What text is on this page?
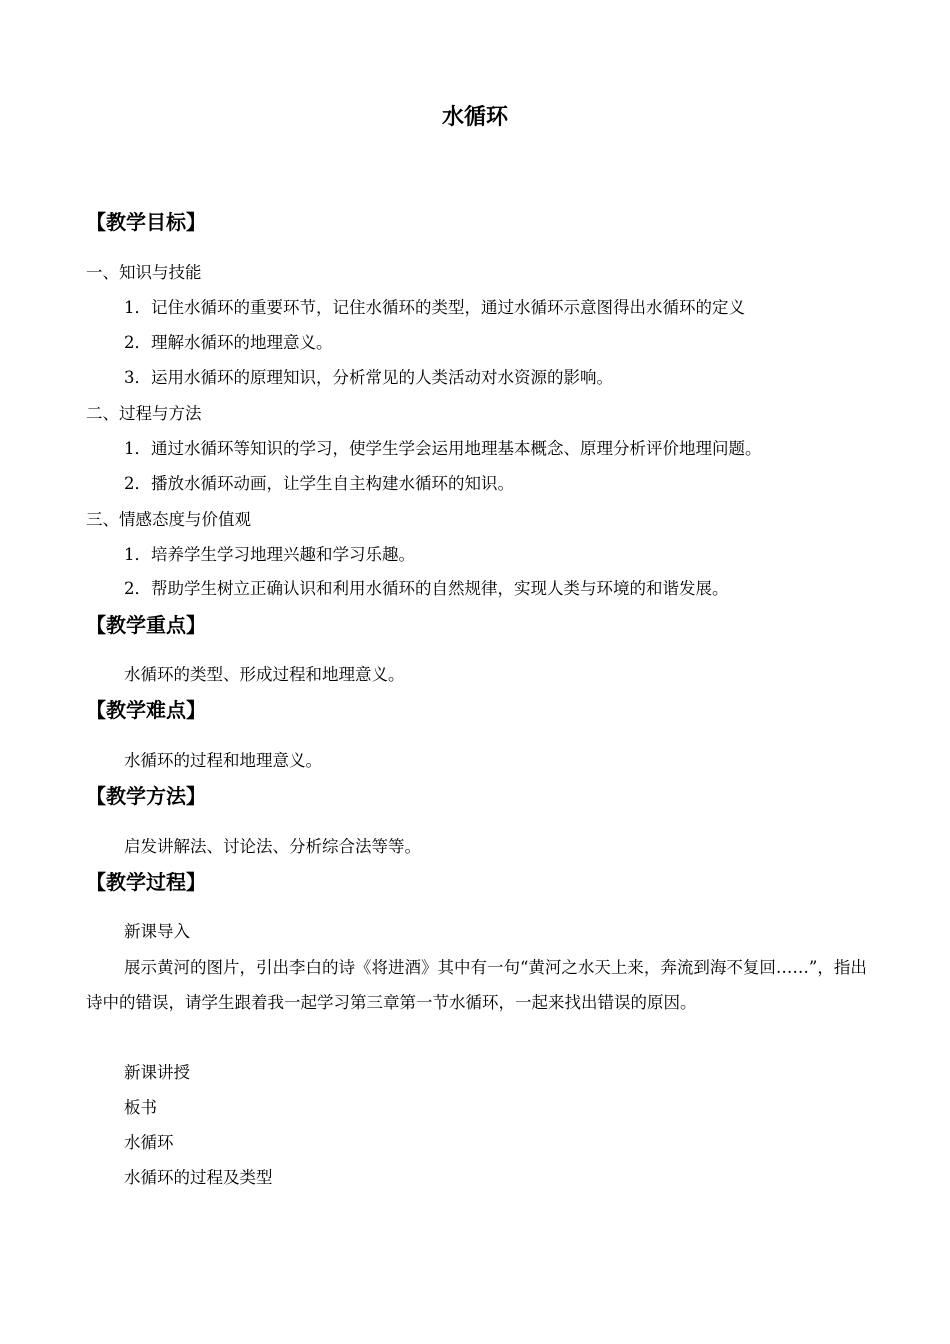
水循环
【教学目标】
一、知识与技能
1．记住水循环的重要环节，记住水循环的类型，通过水循环示意图得出水循环的定义
2．理解水循环的地理意义。
3．运用水循环的原理知识，分析常见的人类活动对水资源的影响。
二、过程与方法
1．通过水循环等知识的学习，使学生学会运用地理基本概念、原理分析评价地理问题。
2．播放水循环动画，让学生自主构建水循环的知识。
三、情感态度与价值观
1．培养学生学习地理兴趣和学习乐趣。
2．帮助学生树立正确认识和利用水循环的自然规律，实现人类与环境的和谐发展。
【教学重点】
水循环的类型、形成过程和地理意义。
【教学难点】
水循环的过程和地理意义。
【教学方法】
启发讲解法、讨论法、分析综合法等等。
【教学过程】
新课导入
展示黄河的图片，引出李白的诗《将进酒》其中有一句“黄河之水天上来，奔流到海不复回……”，指出诗中的错误，请学生跟着我一起学习第三章第一节水循环，一起来找出错误的原因。
新课讲授
板书
水循环
水循环的过程及类型
